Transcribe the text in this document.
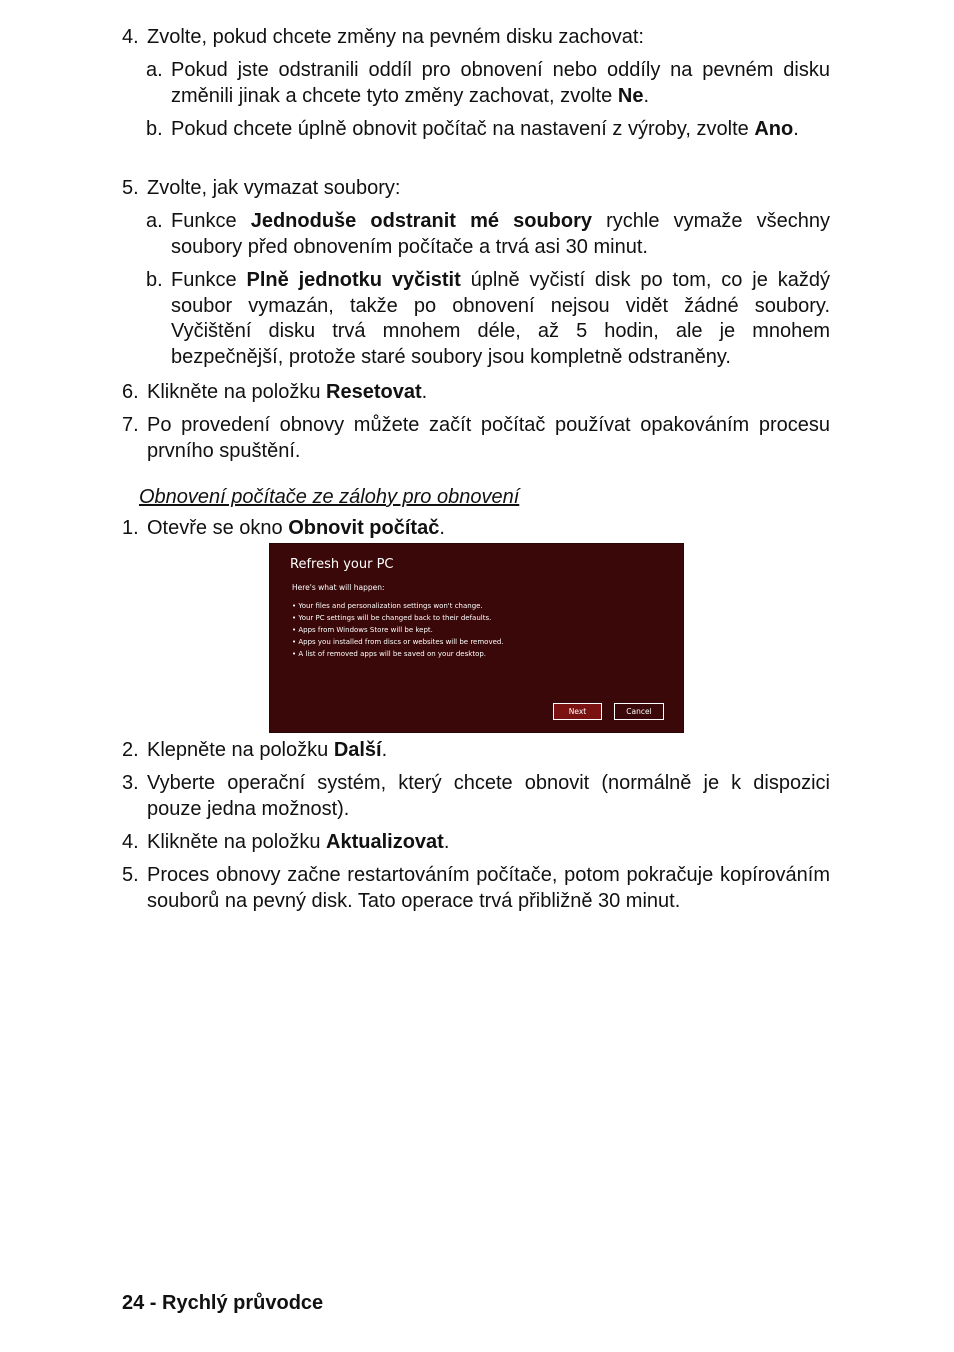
4. Zvolte, pokud chcete změny na pevném disku zachovat:
a. Pokud jste odstranili oddíl pro obnovení nebo oddíly na pevném disku změnili jinak a chcete tyto změny zachovat, zvolte Ne.
b. Pokud chcete úplně obnovit počítač na nastavení z výroby, zvolte Ano.
5. Zvolte, jak vymazat soubory:
a. Funkce Jednoduše odstranit mé soubory rychle vymaže všechny soubory před obnovením počítače a trvá asi 30 minut.
b. Funkce Plně jednotku vyčistit úplně vyčistí disk po tom, co je každý soubor vymazán, takže po obnovení nejsou vidět žádné soubory. Vyčištění disku trvá mnohem déle, až 5 hodin, ale je mnohem bezpečnější, protože staré soubory jsou kompletně odstraněny.
6. Klikněte na položku Resetovat.
7. Po provedení obnovy můžete začít počítač používat opakováním procesu prvního spuštění.
Obnovení počítače ze zálohy pro obnovení
1. Otevře se okno Obnovit počítač.
Refresh your PC
Here's what will happen:
• Your files and personalization settings won't change.
• Your PC settings will be changed back to their defaults.
• Apps from Windows Store will be kept.
• Apps you installed from discs or websites will be removed.
• A list of removed apps will be saved on your desktop.
Next	Cancel
2. Klepněte na položku Další.
3. Vyberte operační systém, který chcete obnovit (normálně je k dispozici pouze jedna možnost).
4. Klikněte na položku Aktualizovat.
5. Proces obnovy začne restartováním počítače, potom pokračuje kopírováním souborů na pevný disk. Tato operace trvá přibližně 30 minut.
24 - Rychlý průvodce
